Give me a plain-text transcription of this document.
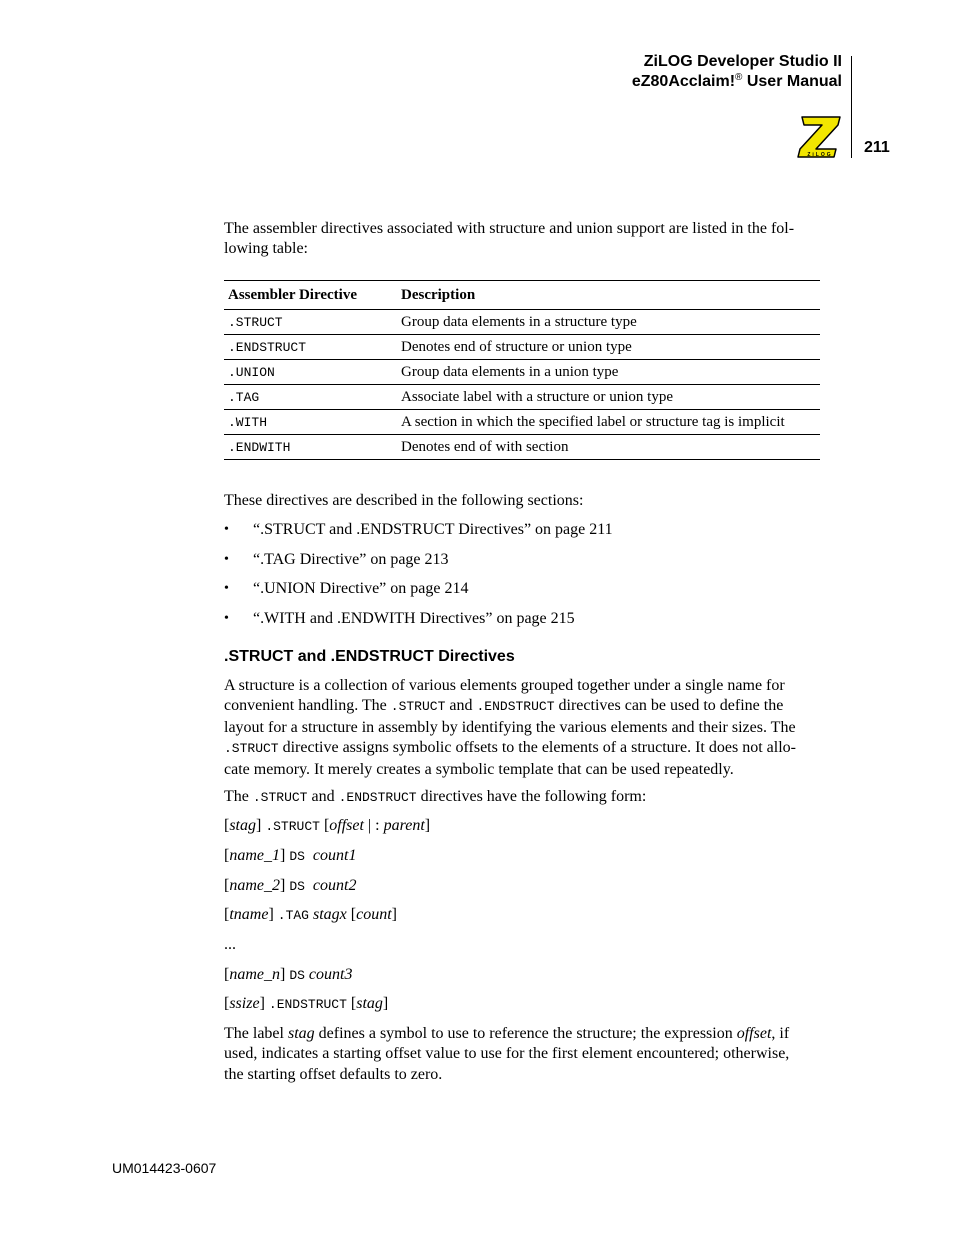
ZiLOG Developer Studio II
eZ80Acclaim!® User Manual
ZiLOG	211
The assembler directives associated with structure and union support are listed in the fol-
lowing table:
Assembler Directive	Description
.STRUCT	Group data elements in a structure type
.ENDSTRUCT	Denotes end of structure or union type
.UNION	Group data elements in a union type
.TAG	Associate label with a structure or union type
.WITH	A section in which the specified label or structure tag is implicit
.ENDWITH	Denotes end of with section
These directives are described in the following sections:
• “.STRUCT and .ENDSTRUCT Directives” on page 211
• “.TAG Directive” on page 213
• “.UNION Directive” on page 214
• “.WITH and .ENDWITH Directives” on page 215
.STRUCT and .ENDSTRUCT Directives
A structure is a collection of various elements grouped together under a single name for
convenient handling. The .STRUCT and .ENDSTRUCT directives can be used to define the
layout for a structure in assembly by identifying the various elements and their sizes. The
.STRUCT directive assigns symbolic offsets to the elements of a structure. It does not allo-
cate memory. It merely creates a symbolic template that can be used repeatedly.
The .STRUCT and .ENDSTRUCT directives have the following form:
[stag] .STRUCT [offset | : parent]
[name_1] DS count1
[name_2] DS count2
[tname] .TAG stagx [count]
...
[name_n] DS count3
[ssize] .ENDSTRUCT [stag]
The label stag defines a symbol to use to reference the structure; the expression offset, if
used, indicates a starting offset value to use for the first element encountered; otherwise,
the starting offset defaults to zero.
UM014423-0607
